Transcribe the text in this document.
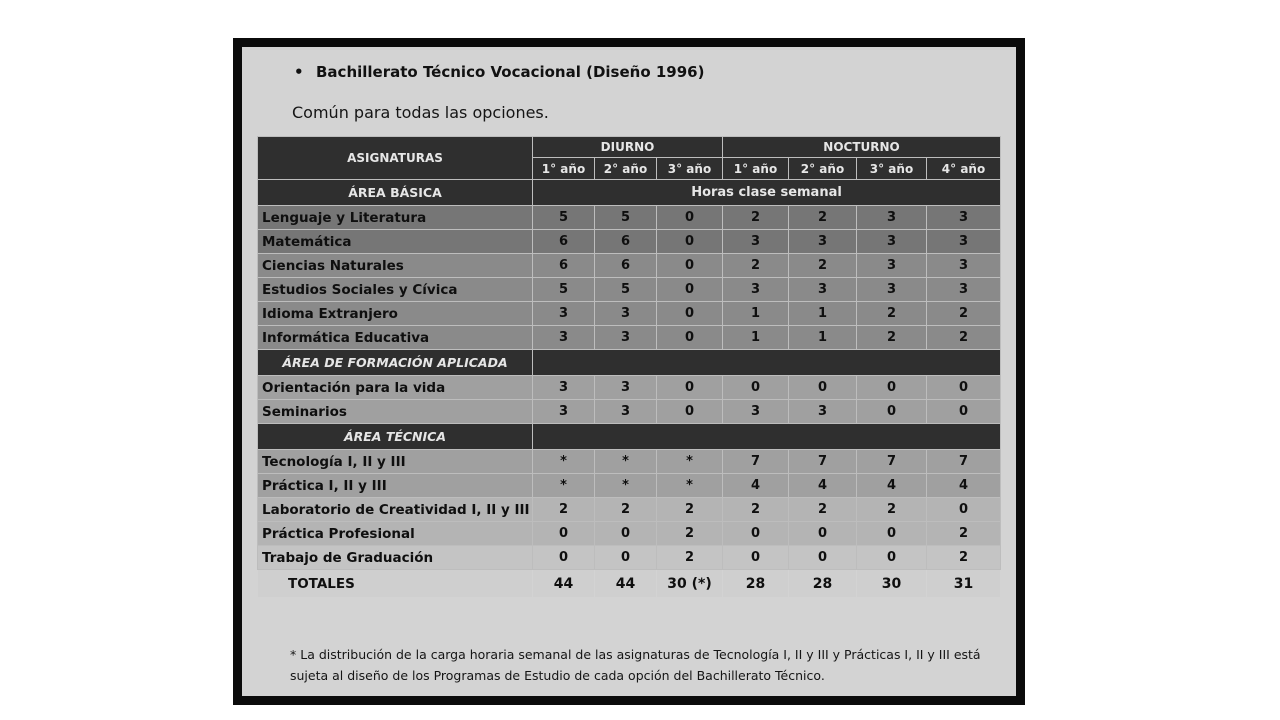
• Bachillerato Técnico Vocacional (Diseño 1996)
Común para todas las opciones.
ASIGNATURAS	DIURNO			NOCTURNO			
	1° año	2° año	3° año	1° año	2° año	3° año	4° año
ÁREA BÁSICA	Horas clase semanal						
Lenguaje y Literatura	5	5	0	2	2	3	3
Matemática	6	6	0	3	3	3	3
Ciencias Naturales	6	6	0	2	2	3	3
Estudios Sociales y Cívica	5	5	0	3	3	3	3
Idioma Extranjero	3	3	0	1	1	2	2
Informática Educativa	3	3	0	1	1	2	2
ÁREA DE FORMACIÓN APLICADA							
Orientación para la vida	3	3	0	0	0	0	0
Seminarios	3	3	0	3	3	0	0
ÁREA TÉCNICA							
Tecnología I, II y III	*	*	*	7	7	7	7
Práctica I, II y III	*	*	*	4	4	4	4
Laboratorio de Creatividad I, II y III	2	2	2	2	2	2	0
Práctica Profesional	0	0	2	0	0	0	2
Trabajo de Graduación	0	0	2	0	0	0	2
TOTALES	44	44	30 (*)	28	28	30	31
* La distribución de la carga horaria semanal de las asignaturas de Tecnología I, II y III y Prácticas I, II y III está sujeta al diseño de los Programas de Estudio de cada opción del Bachillerato Técnico.
